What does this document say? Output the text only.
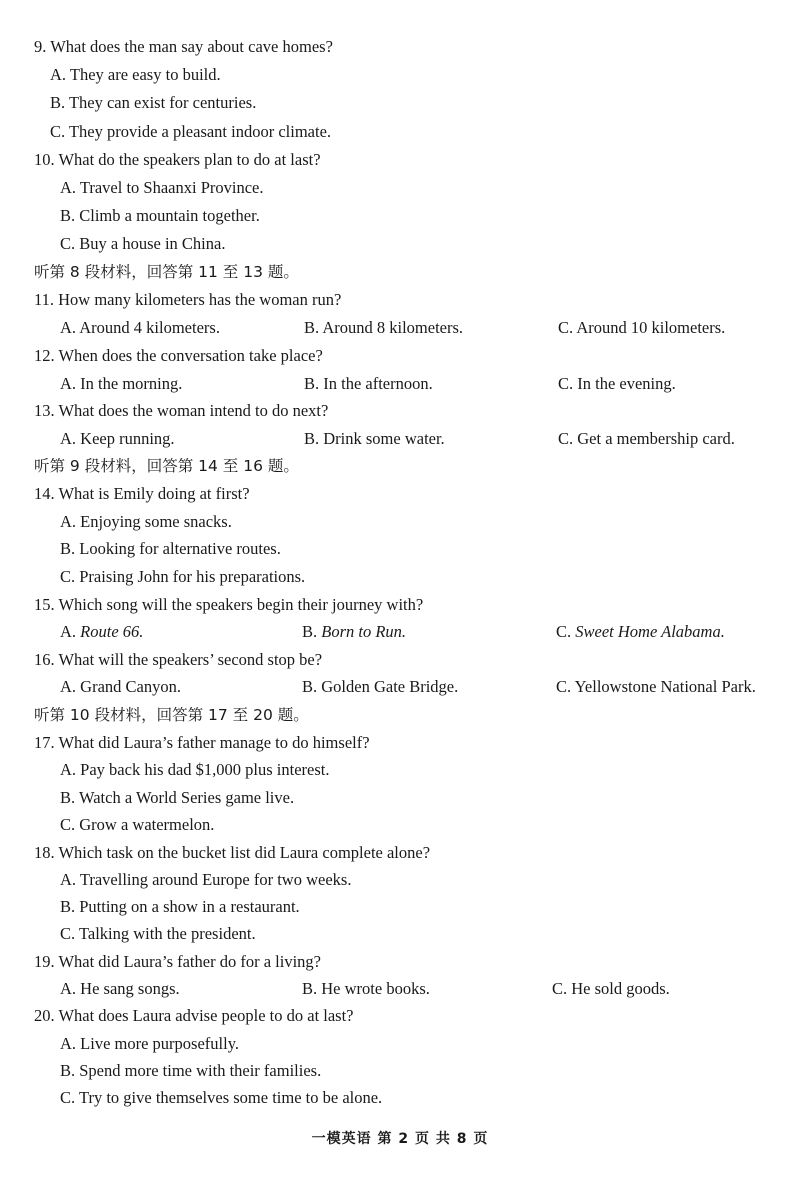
9. What does the man say about cave homes?
A. They are easy to build.
B. They can exist for centuries.
C. They provide a pleasant indoor climate.
10. What do the speakers plan to do at last?
A. Travel to Shaanxi Province.
B. Climb a mountain together.
C. Buy a house in China.
听第 8 段材料，回答第 11 至 13 题。
11. How many kilometers has the woman run?
A. Around 4 kilometers.	B. Around 8 kilometers.	C. Around 10 kilometers.
12. When does the conversation take place?
A. In the morning.	B. In the afternoon.	C. In the evening.
13. What does the woman intend to do next?
A. Keep running.	B. Drink some water.	C. Get a membership card.
听第 9 段材料，回答第 14 至 16 题。
14. What is Emily doing at first?
A. Enjoying some snacks.
B. Looking for alternative routes.
C. Praising John for his preparations.
15. Which song will the speakers begin their journey with?
A. Route 66.	B. Born to Run.	C. Sweet Home Alabama.
16. What will the speakers’ second stop be?
A. Grand Canyon.	B. Golden Gate Bridge.	C. Yellowstone National Park.
听第 10 段材料，回答第 17 至 20 题。
17. What did Laura’s father manage to do himself?
A. Pay back his dad $1,000 plus interest.
B. Watch a World Series game live.
C. Grow a watermelon.
18. Which task on the bucket list did Laura complete alone?
A. Travelling around Europe for two weeks.
B. Putting on a show in a restaurant.
C. Talking with the president.
19. What did Laura’s father do for a living?
A. He sang songs.	B. He wrote books.	C. He sold goods.
20. What does Laura advise people to do at last?
A. Live more purposefully.
B. Spend more time with their families.
C. Try to give themselves some time to be alone.
一模英语 第 2 页 共 8 页
